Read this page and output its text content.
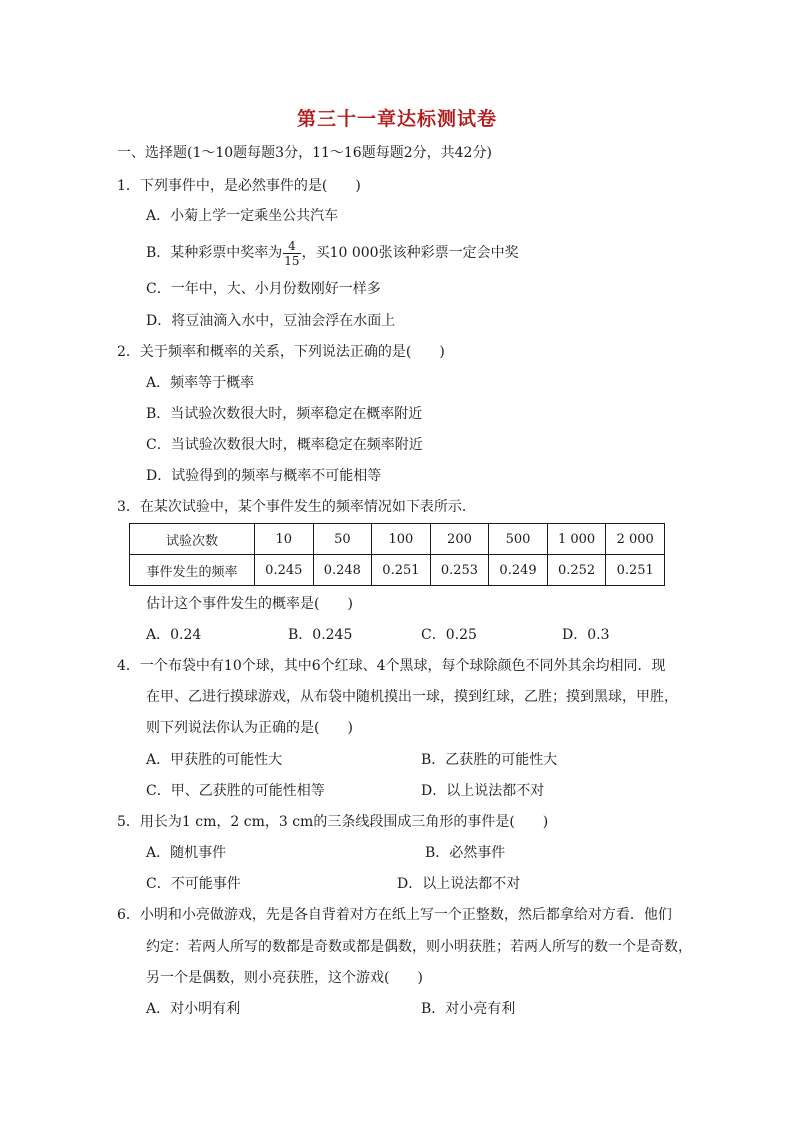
第三十一章达标测试卷
一、选择题(1～10题每题3分，11～16题每题2分，共42分)
1．下列事件中，是必然事件的是(　　)
A．小菊上学一定乘坐公共汽车
B．某种彩票中奖率为 $\frac{4}{15}$ ，买10 000张该种彩票一定会中奖
C．一年中，大、小月份数刚好一样多
D．将豆油滴入水中，豆油会浮在水面上
2．关于频率和概率的关系，下列说法正确的是(　　)
A．频率等于概率
B．当试验次数很大时，频率稳定在概率附近
C．当试验次数很大时，概率稳定在频率附近
D．试验得到的频率与概率不可能相等
3．在某次试验中，某个事件发生的频率情况如下表所示．
试验次数	10	50	100	200	500	1 000	2 000
事件发生的频率	0.245	0.248	0.251	0.253	0.249	0.252	0.251
估计这个事件发生的概率是(　　)
A．0.24	B．0.245	C．0.25	D．0.3
4．一个布袋中有10个球，其中6个红球、4个黑球，每个球除颜色不同外其余均相同．现
在甲、乙进行摸球游戏，从布袋中随机摸出一球，摸到红球，乙胜；摸到黑球，甲胜，
则下列说法你认为正确的是(　　)
A．甲获胜的可能性大	B．乙获胜的可能性大
C．甲、乙获胜的可能性相等	D．以上说法都不对
5．用长为1 cm，2 cm，3 cm的三条线段围成三角形的事件是(　　)
A．随机事件	B．必然事件
C．不可能事件	D．以上说法都不对
6．小明和小亮做游戏，先是各自背着对方在纸上写一个正整数，然后都拿给对方看．他们
约定：若两人所写的数都是奇数或都是偶数，则小明获胜；若两人所写的数一个是奇数，
另一个是偶数，则小亮获胜，这个游戏(　　)
A．对小明有利	B．对小亮有利
